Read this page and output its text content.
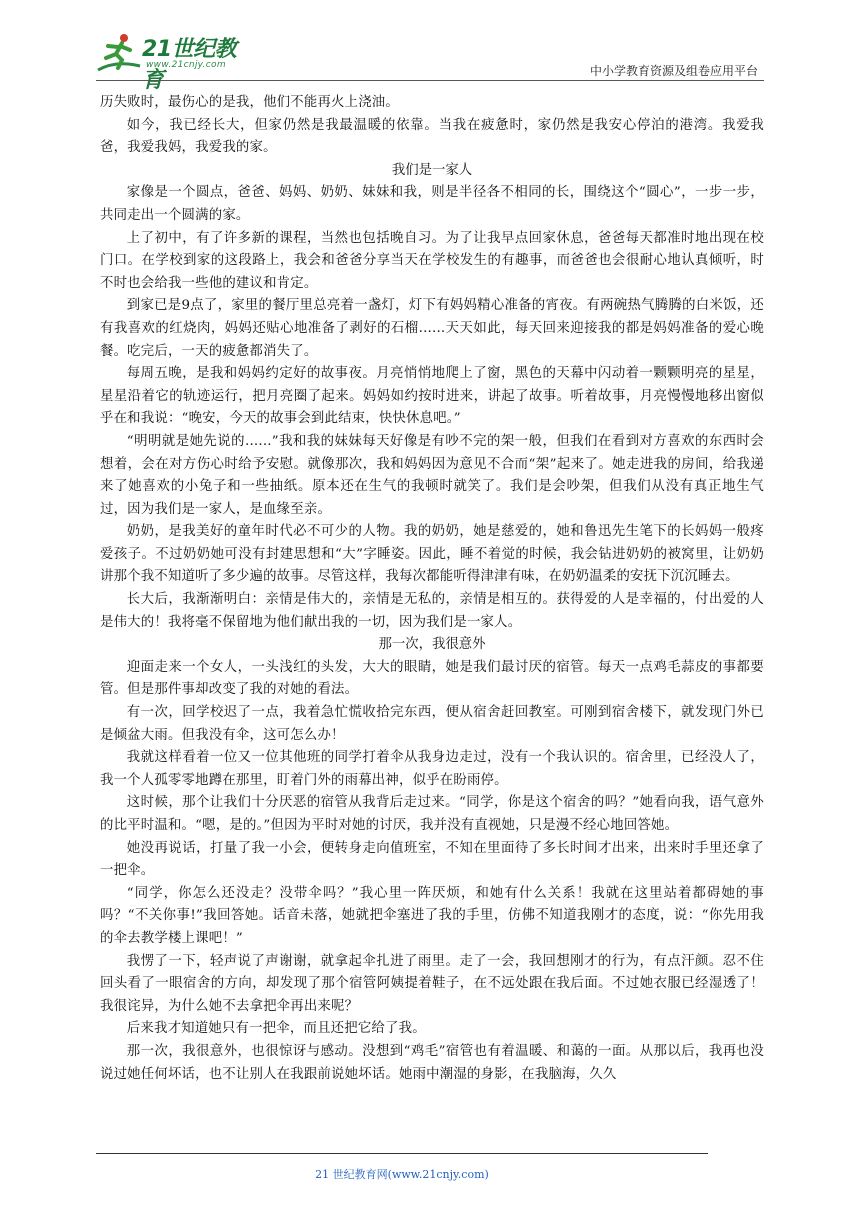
21世纪教育
www.21cnjy.com	中小学教育资源及组卷应用平台

历失败时，最伤心的是我，他们不能再火上浇油。

如今，我已经长大，但家仍然是我最温暖的依靠。当我在疲惫时，家仍然是我安心停泊的港湾。我爱我爸，我爱我妈，我爱我的家。

我们是一家人

家像是一个圆点，爸爸、妈妈、奶奶、妹妹和我，则是半径各不相同的长，围绕这个“圆心”，一步一步，共同走出一个圆满的家。

上了初中，有了许多新的课程，当然也包括晚自习。为了让我早点回家休息，爸爸每天都准时地出现在校门口。在学校到家的这段路上，我会和爸爸分享当天在学校发生的有趣事，而爸爸也会很耐心地认真倾听，时不时也会给我一些他的建议和肯定。

到家已是9点了，家里的餐厅里总亮着一盏灯，灯下有妈妈精心准备的宵夜。有两碗热气腾腾的白米饭，还有我喜欢的红烧肉，妈妈还贴心地准备了剥好的石榴......天天如此，每天回来迎接我的都是妈妈准备的爱心晚餐。吃完后，一天的疲惫都消失了。

每周五晚，是我和妈妈约定好的故事夜。月亮悄悄地爬上了窗，黑色的天幕中闪动着一颗颗明亮的星星，星星沿着它的轨迹运行，把月亮圈了起来。妈妈如约按时进来，讲起了故事。听着故事，月亮慢慢地移出窗似乎在和我说：“晚安，今天的故事会到此结束，快快休息吧。”

“明明就是她先说的......”我和我的妹妹每天好像是有吵不完的架一般，但我们在看到对方喜欢的东西时会想着，会在对方伤心时给予安慰。就像那次，我和妈妈因为意见不合而“架”起来了。她走进我的房间，给我递来了她喜欢的小兔子和一些抽纸。原本还在生气的我顿时就笑了。我们是会吵架，但我们从没有真正地生气过，因为我们是一家人，是血缘至亲。

奶奶，是我美好的童年时代必不可少的人物。我的奶奶，她是慈爱的，她和鲁迅先生笔下的长妈妈一般疼爱孩子。不过奶奶她可没有封建思想和“大”字睡姿。因此，睡不着觉的时候，我会钻进奶奶的被窝里，让奶奶讲那个我不知道听了多少遍的故事。尽管这样，我每次都能听得津津有味，在奶奶温柔的安抚下沉沉睡去。

长大后，我渐渐明白：亲情是伟大的，亲情是无私的，亲情是相互的。获得爱的人是幸福的，付出爱的人是伟大的！我将毫不保留地为他们献出我的一切，因为我们是一家人。

那一次，我很意外

迎面走来一个女人，一头浅红的头发，大大的眼睛，她是我们最讨厌的宿管。每天一点鸡毛蒜皮的事都要管。但是那件事却改变了我的对她的看法。

有一次，回学校迟了一点，我着急忙慌收拾完东西，便从宿舍赶回教室。可刚到宿舍楼下，就发现门外已是倾盆大雨。但我没有伞，这可怎么办！

我就这样看着一位又一位其他班的同学打着伞从我身边走过，没有一个我认识的。宿舍里，已经没人了，我一个人孤零零地蹲在那里，盯着门外的雨幕出神，似乎在盼雨停。

这时候，那个让我们十分厌恶的宿管从我背后走过来。“同学，你是这个宿舍的吗？”她看向我，语气意外的比平时温和。“嗯，是的。”但因为平时对她的讨厌，我并没有直视她，只是漫不经心地回答她。

她没再说话，打量了我一小会，便转身走向值班室，不知在里面待了多长时间才出来，出来时手里还拿了一把伞。

“同学，你怎么还没走？没带伞吗？”我心里一阵厌烦，和她有什么关系！我就在这里站着都碍她的事吗？“不关你事!”我回答她。话音未落，她就把伞塞进了我的手里，仿佛不知道我刚才的态度，说：“你先用我的伞去教学楼上课吧！”

我愣了一下，轻声说了声谢谢，就拿起伞扎进了雨里。走了一会，我回想刚才的行为，有点汗颜。忍不住回头看了一眼宿舍的方向，却发现了那个宿管阿姨提着鞋子，在不远处跟在我后面。不过她衣服已经湿透了！我很诧异，为什么她不去拿把伞再出来呢？

后来我才知道她只有一把伞，而且还把它给了我。

那一次，我很意外，也很惊讶与感动。没想到“鸡毛”宿管也有着温暖、和蔼的一面。从那以后，我再也没说过她任何坏话，也不让别人在我跟前说她坏话。她雨中潮湿的身影，在我脑海，久久

21 世纪教育网(www.21cnjy.com)
